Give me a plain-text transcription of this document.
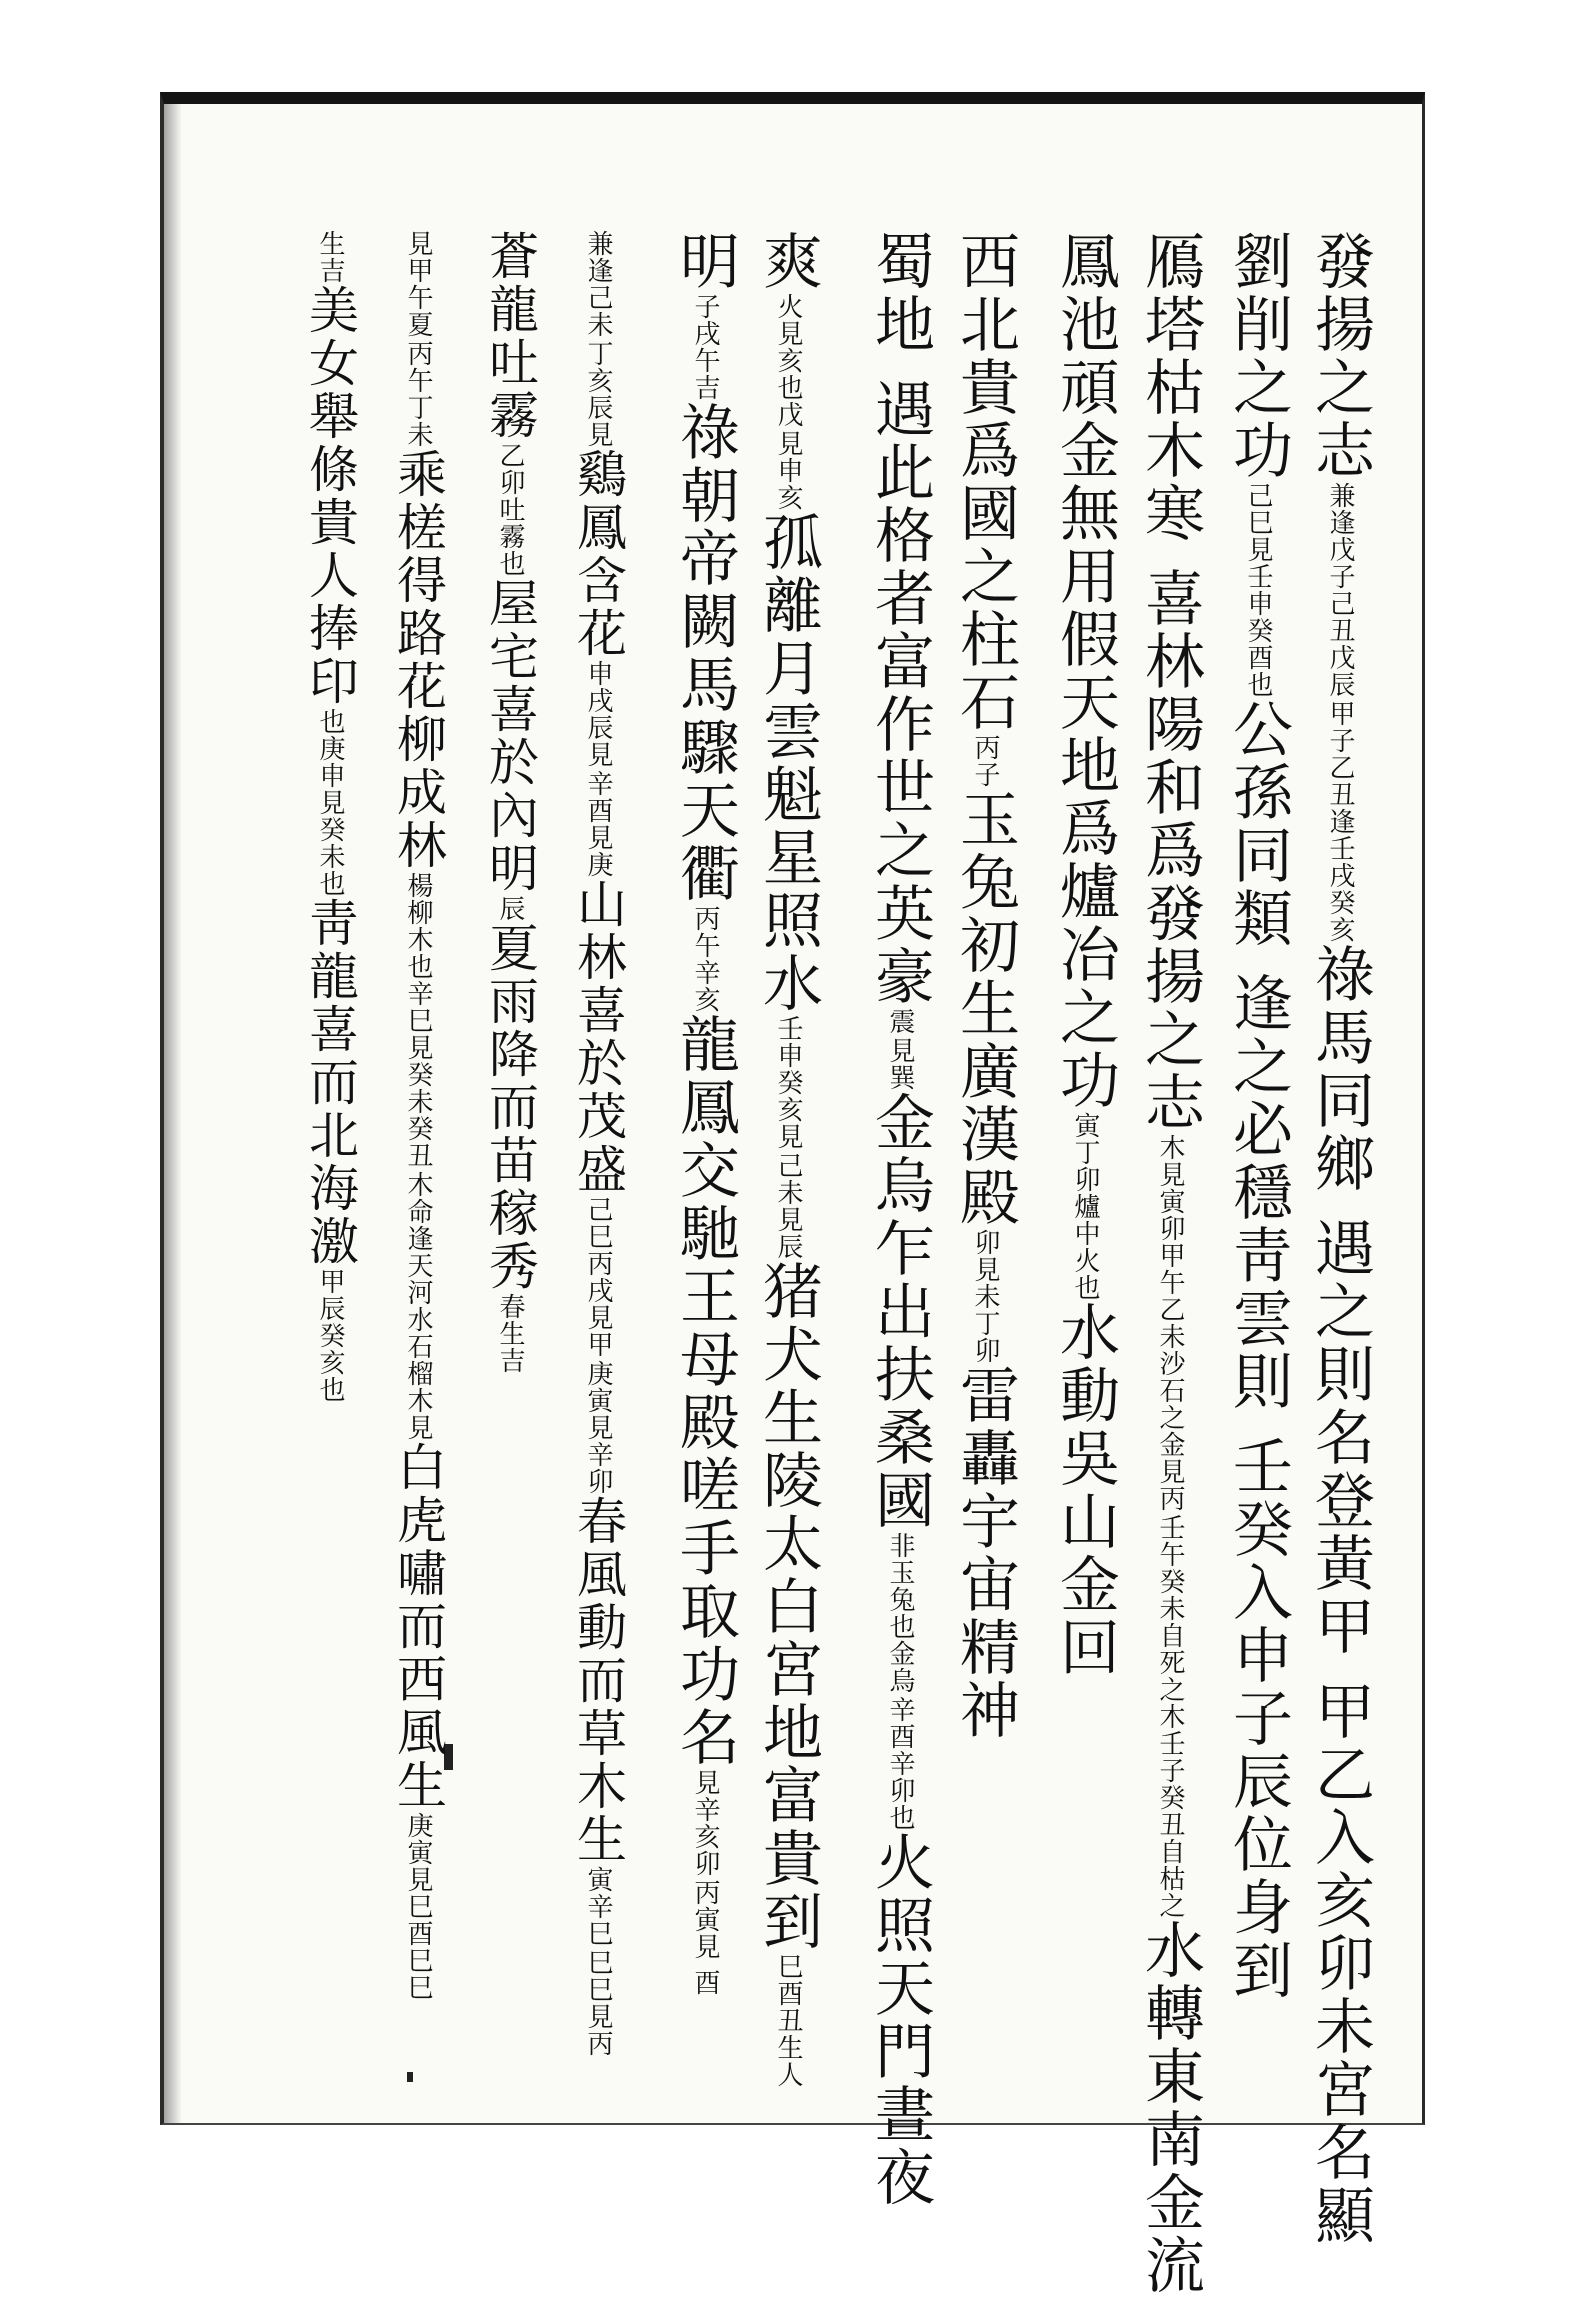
發揚之志
甲子乙丑逢壬戌癸亥
兼逢戊子己丑戊辰
祿馬同鄉 遇之則名登黃甲 甲乙入亥卯未宮名顯
劉削之功
己巳見壬申癸酉也
公孫同類 逢之必穩靑雲則 壬癸入申子辰位身到
鴈塔枯木寒 喜林陽和爲發揚之志
壬午癸未自死之木壬子癸丑自枯之
木見寅卯甲午乙未沙石之金見丙
水轉東南金流
鳳池頑金無用假天地爲爐冶之功
寅丁卯爐中火也
水動吳山金回
西北貴爲國之柱石
丙子
玉兔初生廣漢殿
卯見未丁卯
雷轟宇宙精神
蜀地 遇此格者富作世之英豪
見巽
震
金烏乍出扶桑國
辛酉辛卯也
非玉兔也金烏
火照天門晝夜
爽
見申亥
火見亥也戊
孤離月雲魁星照水
己未見辰
壬申癸亥見
猪犬生陵太白宮地富貴到
巳酉丑生人
明
子戌午吉
祿朝帝闕馬驟天衢
丙午辛亥
龍鳳交馳王母殿嗟手取功名
丙寅見 酉
見辛亥卯
丁亥辰見
兼逢己未
鷄鳳含花
辛酉見庚
申戌辰見
山林喜於茂盛
庚寅見辛卯
己巳丙戌見甲
春風動而草木生
巳巳見丙
寅辛巳
蒼龍吐霧
乙卯吐霧也
屋宅喜於內明
辰
夏雨降而苗稼秀
春生吉
丙午丁未
見甲午夏
乘槎得路花柳成林
木命逢天河水石榴木見
楊柳木也辛巳見癸未癸丑
白虎嘯而西風生
庚寅見巳酉巳巳
生吉
美女舉條貴人捧印
也庚申見癸未也
靑龍喜而北海激
甲辰癸亥也
